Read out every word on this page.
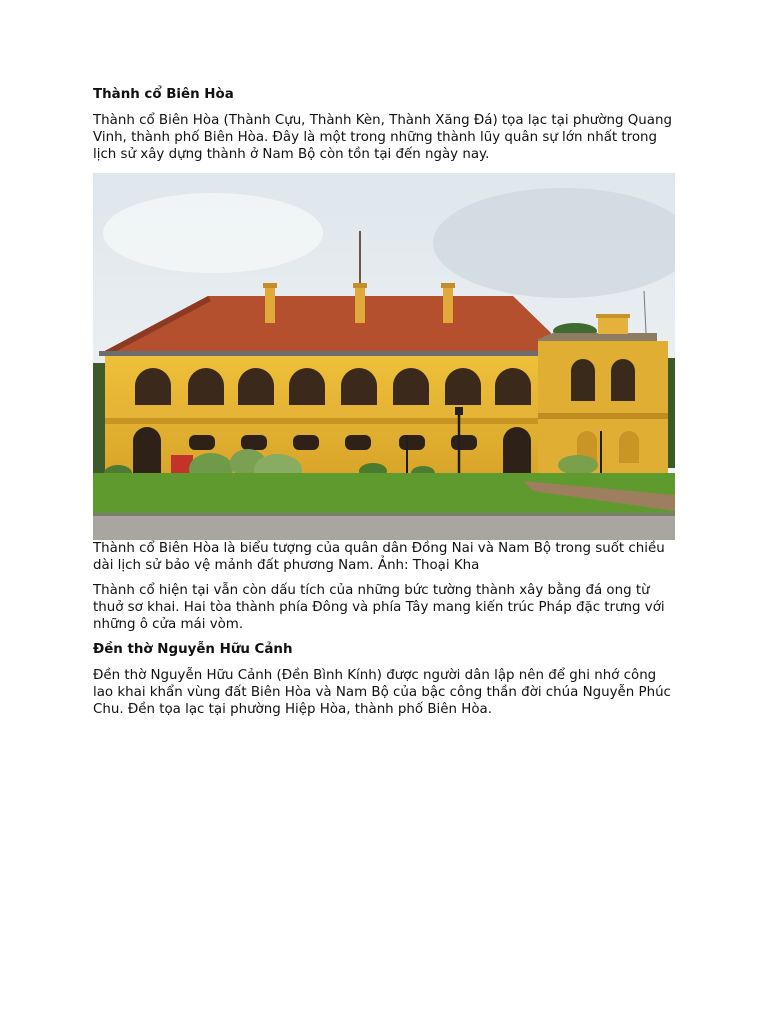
Thành cổ Biên Hòa

Thành cổ Biên Hòa (Thành Cựu, Thành Kèn, Thành Xăng Đá) tọa lạc tại phường Quang Vinh, thành phố Biên Hòa. Đây là một trong những thành lũy quân sự lớn nhất trong lịch sử xây dựng thành ở Nam Bộ còn tồn tại đến ngày nay.

Thành cổ Biên Hòa là biểu tượng của quân dân Đồng Nai và Nam Bộ trong suốt chiều dài lịch sử bảo vệ mảnh đất phương Nam. Ảnh: Thoại Kha

Thành cổ hiện tại vẫn còn dấu tích của những bức tường thành xây bằng đá ong từ thuở sơ khai. Hai tòa thành phía Đông và phía Tây mang kiến trúc Pháp đặc trưng với những ô cửa mái vòm.

Đền thờ Nguyễn Hữu Cảnh

Đền thờ Nguyễn Hữu Cảnh (Đền Bình Kính) được người dân lập nên để ghi nhớ công lao khai khẩn vùng đất Biên Hòa và Nam Bộ của bậc công thần đời chúa Nguyễn Phúc Chu. Đền tọa lạc tại phường Hiệp Hòa, thành phố Biên Hòa.
